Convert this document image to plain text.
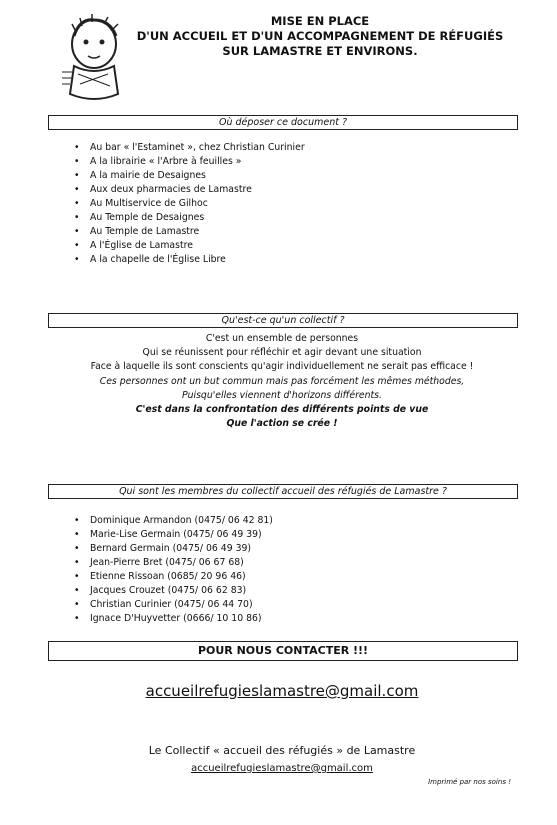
MISE EN PLACE
D'UN ACCUEIL ET D'UN ACCOMPAGNEMENT DE RÉFUGIÉS
SUR LAMASTRE ET ENVIRONS.
Où déposer ce document ?
• Au bar « l'Estaminet », chez Christian Curinier
• A la librairie « l'Arbre à feuilles »
• A la mairie de Desaignes
• Aux deux pharmacies de Lamastre
• Au Multiservice de Gilhoc
• Au Temple de Desaignes
• Au Temple de Lamastre
• A l'Église de Lamastre
• A la chapelle de l'Église Libre
Qu'est-ce qu'un collectif ?
C'est un ensemble de personnes
Qui se réunissent pour réfléchir et agir devant une situation
Face à laquelle ils sont conscients qu'agir individuellement ne serait pas efficace !
Ces personnes ont un but commun mais pas forcément les mêmes méthodes,
Puisqu'elles viennent d'horizons différents.
C'est dans la confrontation des différents points de vue
Que l'action se crée !
Qui sont les membres du collectif accueil des réfugiés de Lamastre ?
• Dominique Armandon (0475/ 06 42 81)
• Marie-Lise Germain (0475/ 06 49 39)
• Bernard Germain (0475/ 06 49 39)
• Jean-Pierre Bret (0475/ 06 67 68)
• Etienne Rissoan (0685/ 20 96 46)
• Jacques Crouzet (0475/ 06 62 83)
• Christian Curinier (0475/ 06 44 70)
• Ignace D'Huyvetter (0666/ 10 10 86)
POUR NOUS CONTACTER !!!
accueilrefugieslamastre@gmail.com
Le Collectif « accueil des réfugiés » de Lamastre
accueilrefugieslamastre@gmail.com
Imprimé par nos soins !
